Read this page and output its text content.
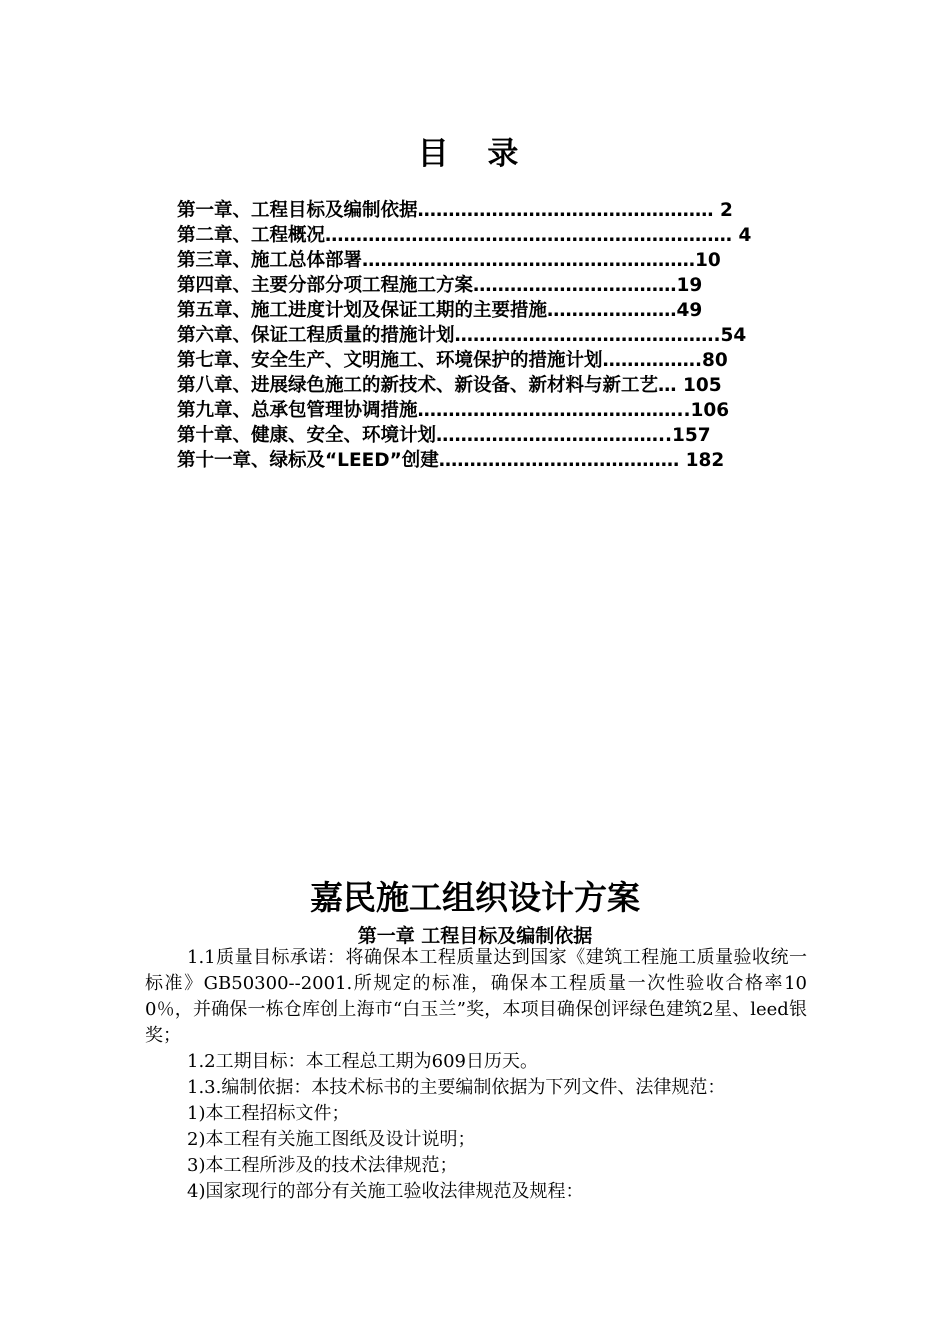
目 录
第一章、工程目标及编制依据………………………………………… 2
第二章、工程概况………………………………………………………… 4
第三章、施工总体部署………………………………………………10
第四章、主要分部分项工程施工方案……………………………19
第五章、施工进度计划及保证工期的主要措施…………………49
第六章、保证工程质量的措施计划…………………………………….54
第七章、安全生产、文明施工、环境保护的措施计划…………….80
第八章、进展绿色施工的新技术、新设备、新材料与新工艺… 105
第九章、总承包管理协调措施……………………………………..106
第十章、健康、安全、环境计划………………………………..157
第十一章、绿标及“LEED”创建………………………………… 182
嘉民施工组织设计方案
第一章 工程目标及编制依据

1.1质量目标承诺：将确保本工程质量达到国家《建筑工程施工质量验收统一标准》GB50300--2001.所规定的标准，确保本工程质量一次性验收合格率100％，并确保一栋仓库创上海市“白玉兰”奖，本项目确保创评绿色建筑2星、leed银奖；

1.2工期目标：本工程总工期为609日历天。

1.3.编制依据：本技术标书的主要编制依据为下列文件、法律规范：

1)本工程招标文件；

2)本工程有关施工图纸及设计说明；

3)本工程所涉及的技术法律规范；

4)国家现行的部分有关施工验收法律规范及规程：
